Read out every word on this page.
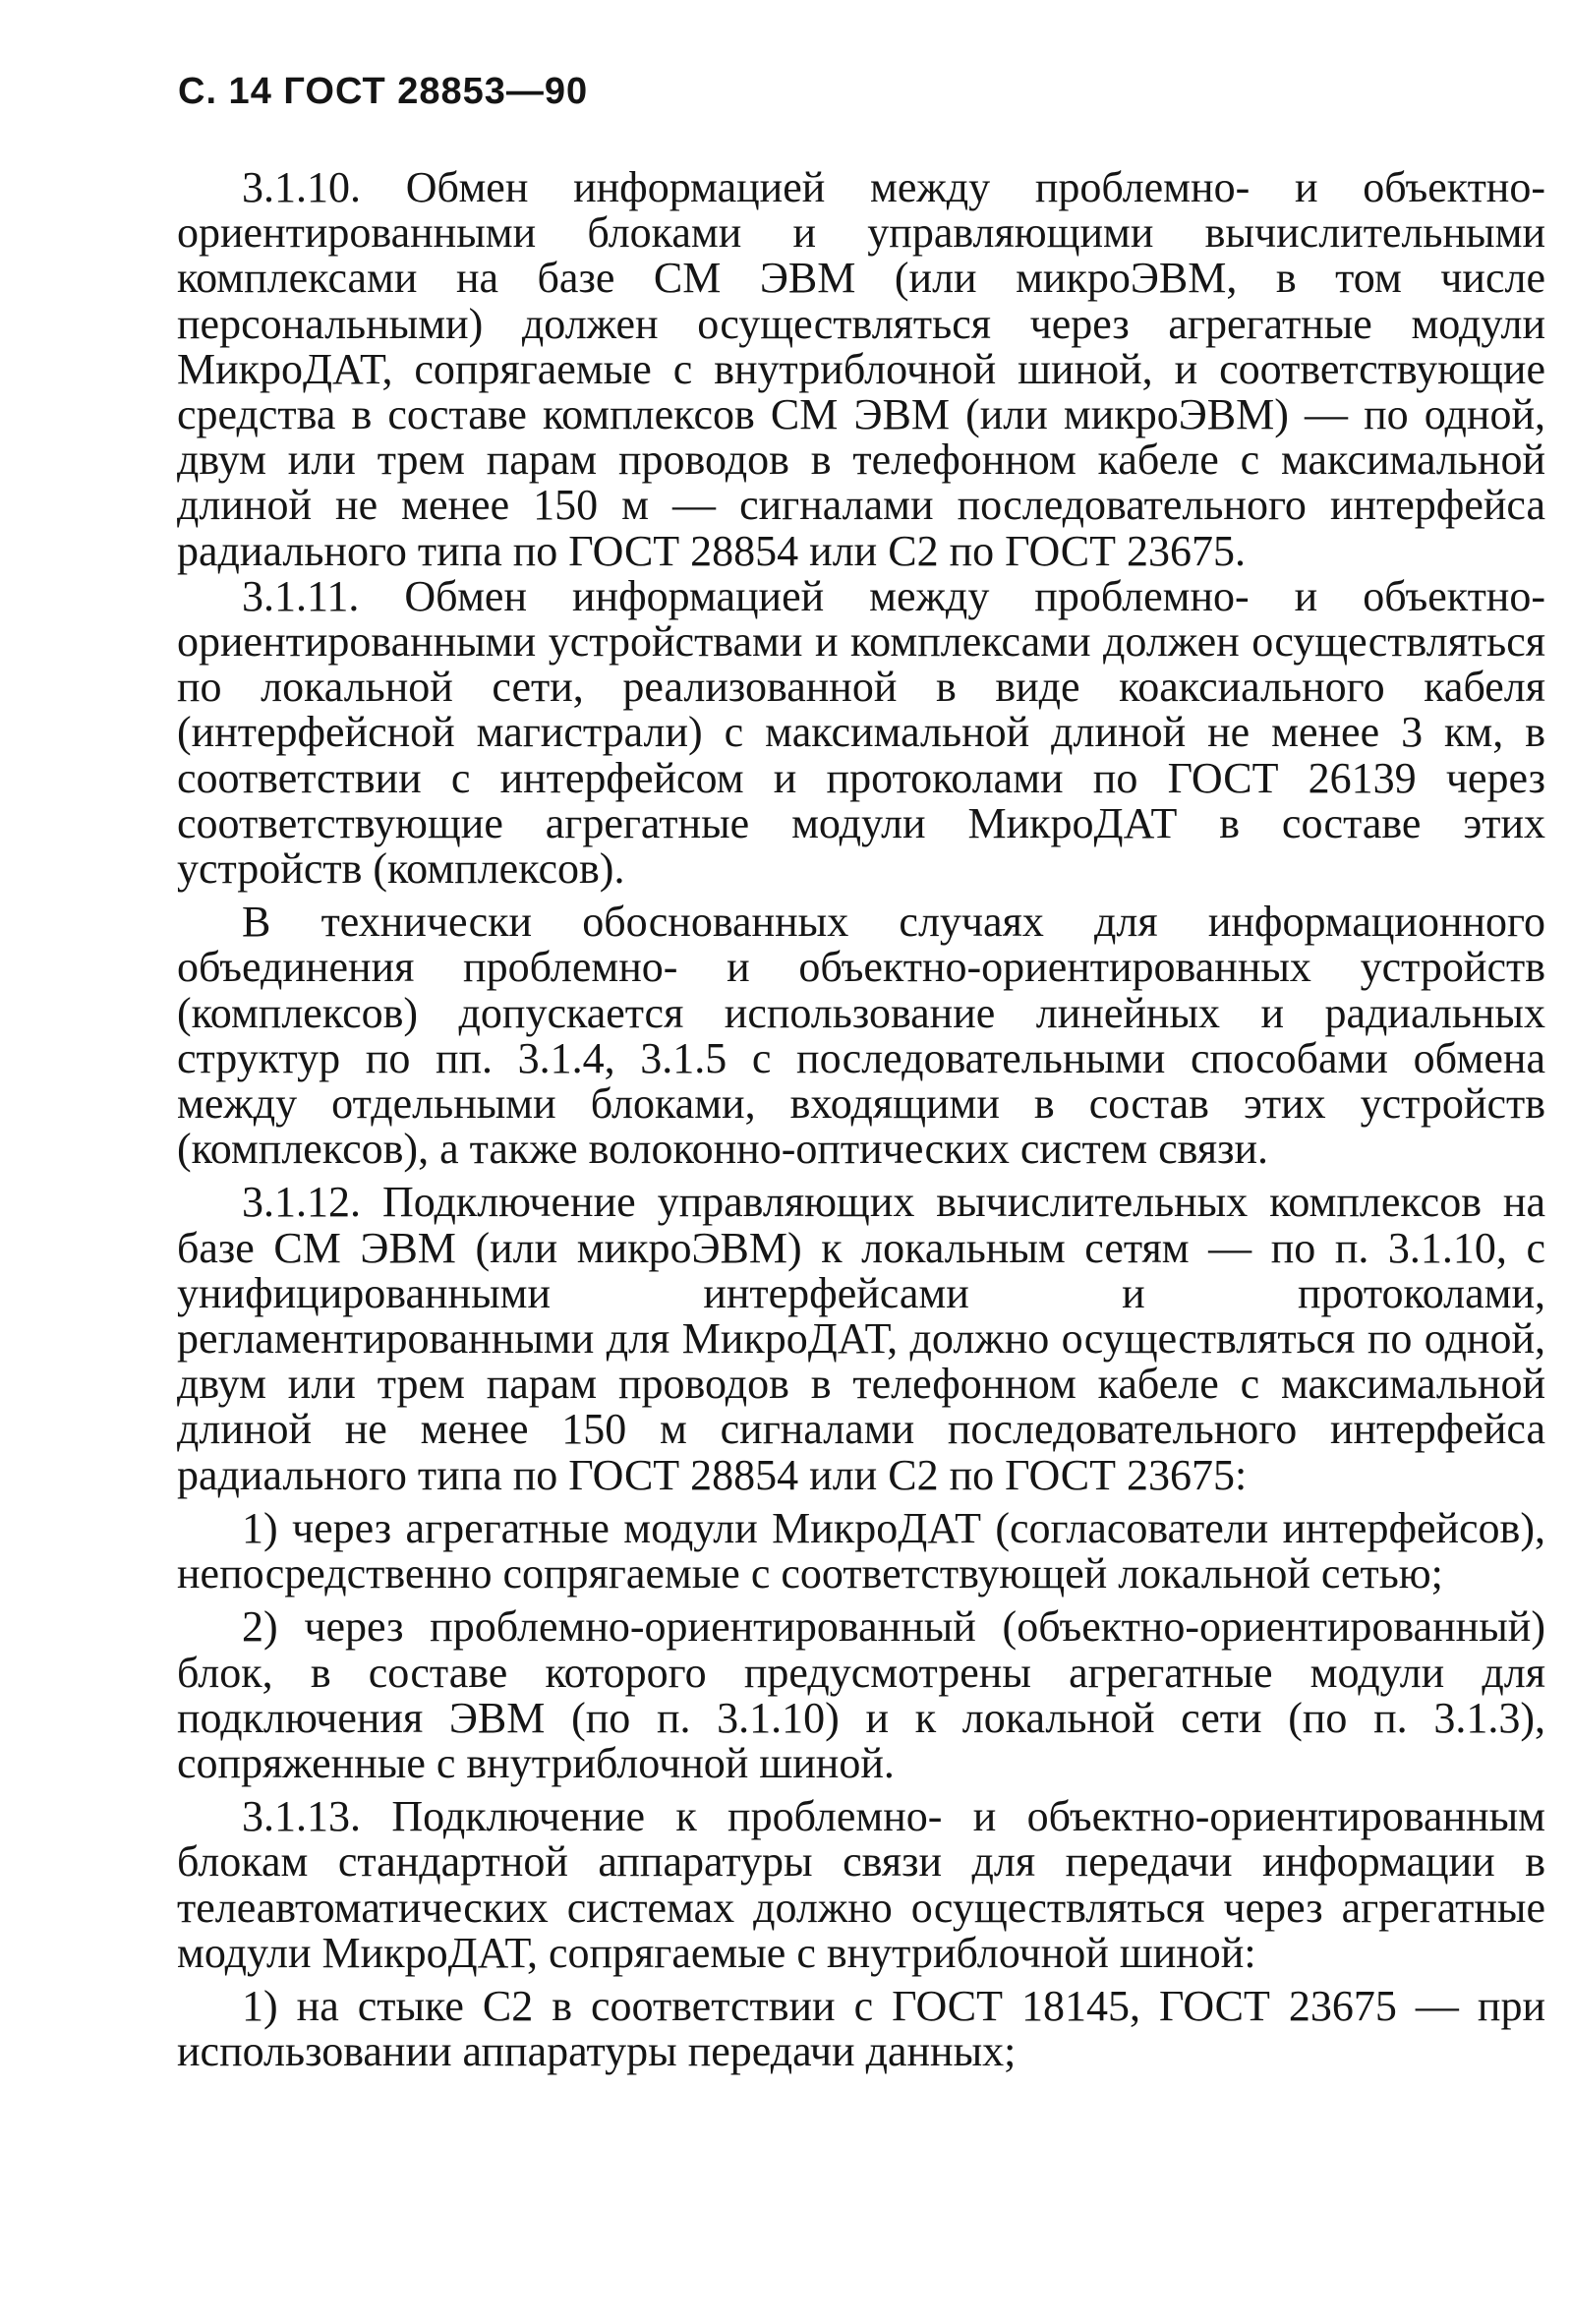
С. 14 ГОСТ 28853—90

3.1.10. Обмен информацией между проблемно- и объектно-ориентированными блоками и управляющими вычислительными комплексами на базе СМ ЭВМ (или микроЭВМ, в том числе персональными) должен осуществляться через агрегатные модули МикроДАТ, сопрягаемые с внутриблочной шиной, и соответствующие средства в составе комплексов СМ ЭВМ (или микроЭВМ) — по одной, двум или трем парам проводов в телефонном кабеле с максимальной длиной не менее 150 м — сигналами последовательного интерфейса радиального типа по ГОСТ 28854 или С2 по ГОСТ 23675.

3.1.11. Обмен информацией между проблемно- и объектно-ориентированными устройствами и комплексами должен осуществляться по локальной сети, реализованной в виде коаксиального кабеля (интерфейсной магистрали) с максимальной длиной не менее 3 км, в соответствии с интерфейсом и протоколами по ГОСТ 26139 через соответствующие агрегатные модули МикроДАТ в составе этих устройств (комплексов).

В технически обоснованных случаях для информационного объединения проблемно- и объектно-ориентированных устройств (комплексов) допускается использование линейных и радиальных структур по пп. 3.1.4, 3.1.5 с последовательными способами обмена между отдельными блоками, входящими в состав этих устройств (комплексов), а также волоконно-оптических систем связи.

3.1.12. Подключение управляющих вычислительных комплексов на базе СМ ЭВМ (или микроЭВМ) к локальным сетям — по п. 3.1.10, с унифицированными интерфейсами и протоколами, регламентированными для МикроДАТ, должно осуществляться по одной, двум или трем парам проводов в телефонном кабеле с максимальной длиной не менее 150 м сигналами последовательного интерфейса радиального типа по ГОСТ 28854 или С2 по ГОСТ 23675:

1) через агрегатные модули МикроДАТ (согласователи интерфейсов), непосредственно сопрягаемые с соответствующей локальной сетью;

2) через проблемно-ориентированный (объектно-ориентированный) блок, в составе которого предусмотрены агрегатные модули для подключения ЭВМ (по п. 3.1.10) и к локальной сети (по п. 3.1.3), сопряженные с внутриблочной шиной.

3.1.13. Подключение к проблемно- и объектно-ориентированным блокам стандартной аппаратуры связи для передачи информации в телеавтоматических системах должно осуществляться через агрегатные модули МикроДАТ, сопрягаемые с внутриблочной шиной:

1) на стыке С2 в соответствии с ГОСТ 18145, ГОСТ 23675 — при использовании аппаратуры передачи данных;
